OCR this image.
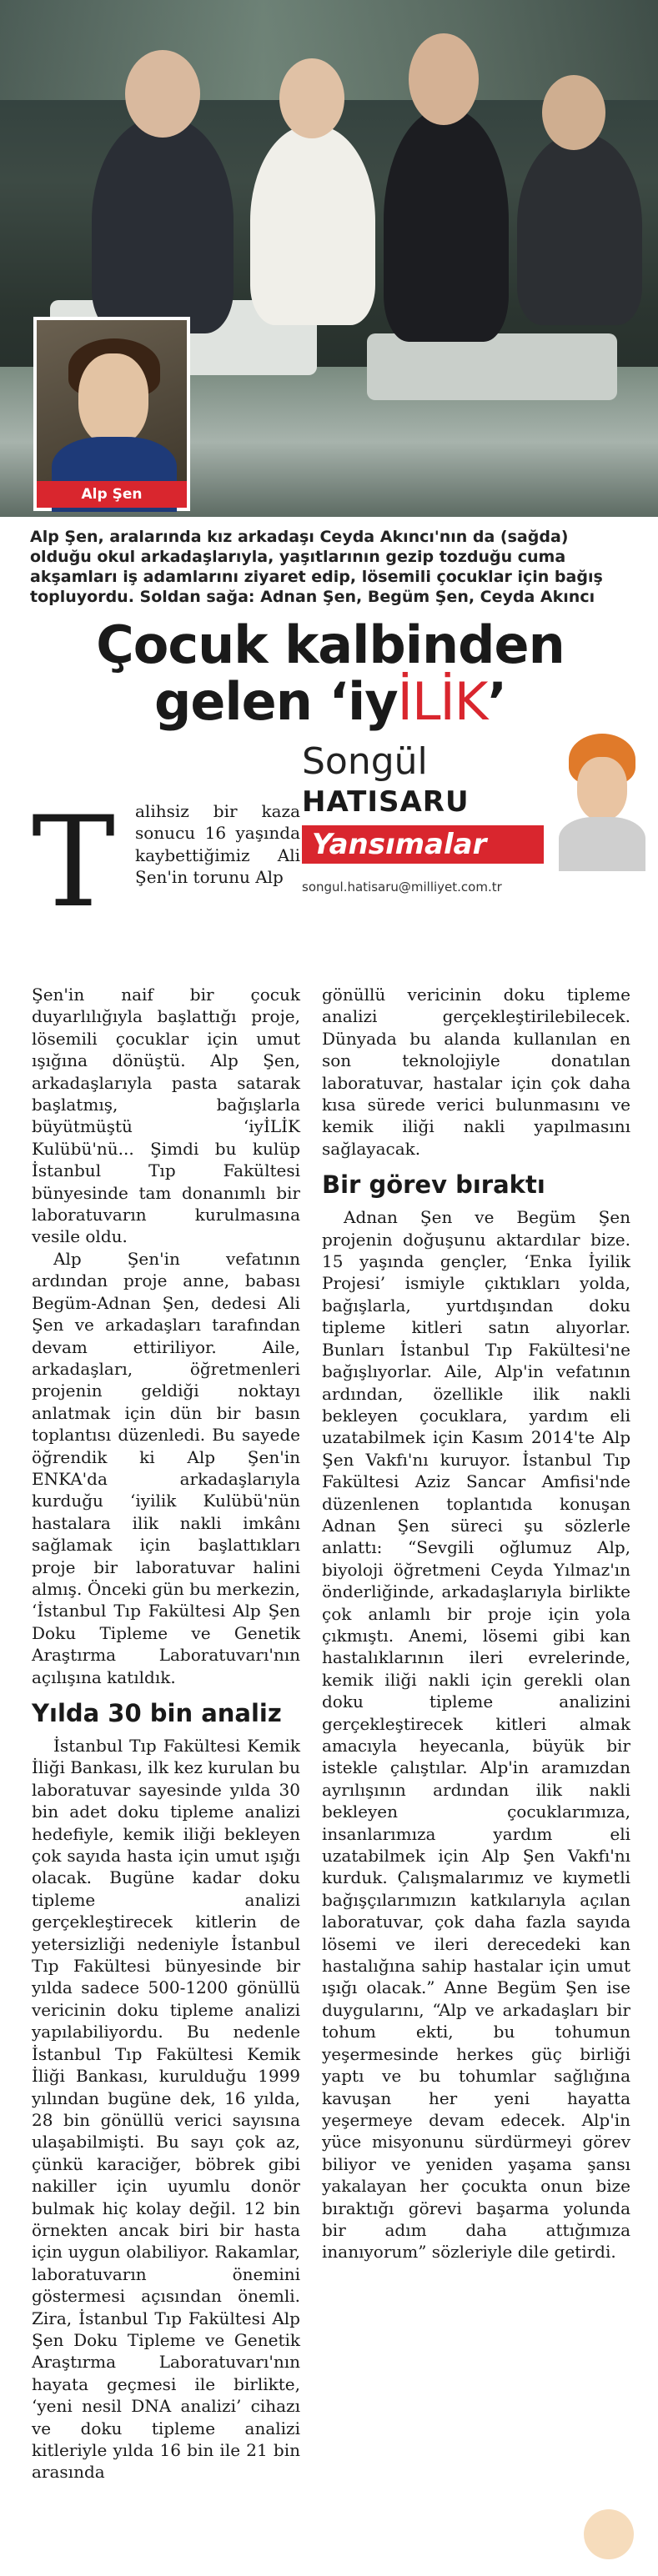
Alp Şen
Alp Şen, aralarında kız arkadaşı Ceyda Akıncı'nın da (sağda) olduğu okul arkadaşlarıyla, yaşıtlarının gezip tozduğu cuma akşamları iş adamlarını ziyaret edip, lösemili çocuklar için bağış topluyordu. Soldan sağa: Adnan Şen, Begüm Şen, Ceyda Akıncı
Çocuk kalbinden
gelen ‘iyİLİK’
Songül
HATISARU
Yansımalar
songul.hatisaru@milliyet.com.tr
T	alihsiz bir kaza sonucu 16 yaşında kaybettiğimiz Ali Şen'in torunu Alp

Şen'in naif bir çocuk duyarlılığıyla başlattığı proje, lösemili çocuklar için umut ışığına dönüştü. Alp Şen, arkadaşlarıyla pasta satarak başlatmış, bağışlarla büyütmüştü ‘iyİLİK Kulübü'nü... Şimdi bu kulüp İstanbul Tıp Fakültesi bünyesinde tam donanımlı bir laboratuvarın kurulmasına vesile oldu.

Alp Şen'in vefatının ardından proje anne, babası Begüm-Adnan Şen, dedesi Ali Şen ve arkadaşları tarafından devam ettiriliyor. Aile, arkadaşları, öğretmenleri projenin geldiği noktayı anlatmak için dün bir basın toplantısı düzenledi. Bu sayede öğrendik ki Alp Şen'in ENKA'da arkadaşlarıyla kurduğu ‘iyilik Kulübü'nün hastalara ilik nakli imkânı sağlamak için başlattıkları proje bir laboratuvar halini almış. Önceki gün bu merkezin, ‘İstanbul Tıp Fakültesi Alp Şen Doku Tipleme ve Genetik Araştırma Laboratuvarı'nın açılışına katıldık.

Yılda 30 bin analiz

İstanbul Tıp Fakültesi Kemik İliği Bankası, ilk kez kurulan bu laboratuvar sayesinde yılda 30 bin adet doku tipleme analizi hedefiyle, kemik iliği bekleyen çok sayıda hasta için umut ışığı olacak. Bugüne kadar doku tipleme analizi gerçekleştirecek kitlerin de yetersizliği nedeniyle İstanbul Tıp Fakültesi bünyesinde bir yılda sadece 500-1200 gönüllü vericinin doku tipleme analizi yapılabiliyordu. Bu nedenle İstanbul Tıp Fakültesi Kemik İliği Bankası, kurulduğu 1999 yılından bugüne dek, 16 yılda, 28 bin gönüllü verici sayısına ulaşabilmişti. Bu sayı çok az, çünkü karaciğer, böbrek gibi nakiller için uyumlu donör bulmak hiç kolay değil. 12 bin örnekten ancak biri bir hasta için uygun olabiliyor. Rakamlar, laboratuvarın önemini göstermesi açısından önemli. Zira, İstanbul Tıp Fakültesi Alp Şen Doku Tipleme ve Genetik Araştırma Laboratuvarı'nın hayata geçmesi ile birlikte, ‘yeni nesil DNA analizi’ cihazı ve doku tipleme analizi kitleriyle yılda 16 bin ile 21 bin arasında

gönüllü vericinin doku tipleme analizi gerçekleştirilebilecek. Dünyada bu alanda kullanılan en son teknolojiyle donatılan laboratuvar, hastalar için çok daha kısa sürede verici bulunmasını ve kemik iliği nakli yapılmasını sağlayacak.

Bir görev bıraktı

Adnan Şen ve Begüm Şen projenin doğuşunu aktardılar bize. 15 yaşında gençler, ‘Enka İyilik Projesi’ ismiyle çıktıkları yolda, bağışlarla, yurtdışından doku tipleme kitleri satın alıyorlar. Bunları İstanbul Tıp Fakültesi'ne bağışlıyorlar. Aile, Alp'in vefatının ardından, özellikle ilik nakli bekleyen çocuklara, yardım eli uzatabilmek için Kasım 2014'te Alp Şen Vakfı'nı kuruyor. İstanbul Tıp Fakültesi Aziz Sancar Amfisi'nde düzenlenen toplantıda konuşan Adnan Şen süreci şu sözlerle anlattı: “Sevgili oğlumuz Alp, biyoloji öğretmeni Ceyda Yılmaz'ın önderliğinde, arkadaşlarıyla birlikte çok anlamlı bir proje için yola çıkmıştı. Anemi, lösemi gibi kan hastalıklarının ileri evrelerinde, kemik iliği nakli için gerekli olan doku tipleme analizini gerçekleştirecek kitleri almak amacıyla heyecanla, büyük bir istekle çalıştılar. Alp'in aramızdan ayrılışının ardından ilik nakli bekleyen çocuklarımıza, insanlarımıza yardım eli uzatabilmek için Alp Şen Vakfı'nı kurduk. Çalışmalarımız ve kıymetli bağışçılarımızın katkılarıyla açılan laboratuvar, çok daha fazla sayıda lösemi ve ileri derecedeki kan hastalığına sahip hastalar için umut ışığı olacak.” Anne Begüm Şen ise duygularını, “Alp ve arkadaşları bir tohum ekti, bu tohumun yeşermesinde herkes güç birliği yaptı ve bu tohumlar sağlığına kavuşan her yeni hayatta yeşermeye devam edecek. Alp'in yüce misyonunu sürdürmeyi görev biliyor ve yeniden yaşama şansı yakalayan her çocukta onun bize bıraktığı görevi başarma yolunda bir adım daha attığımıza inanıyorum” sözleriyle dile getirdi.
